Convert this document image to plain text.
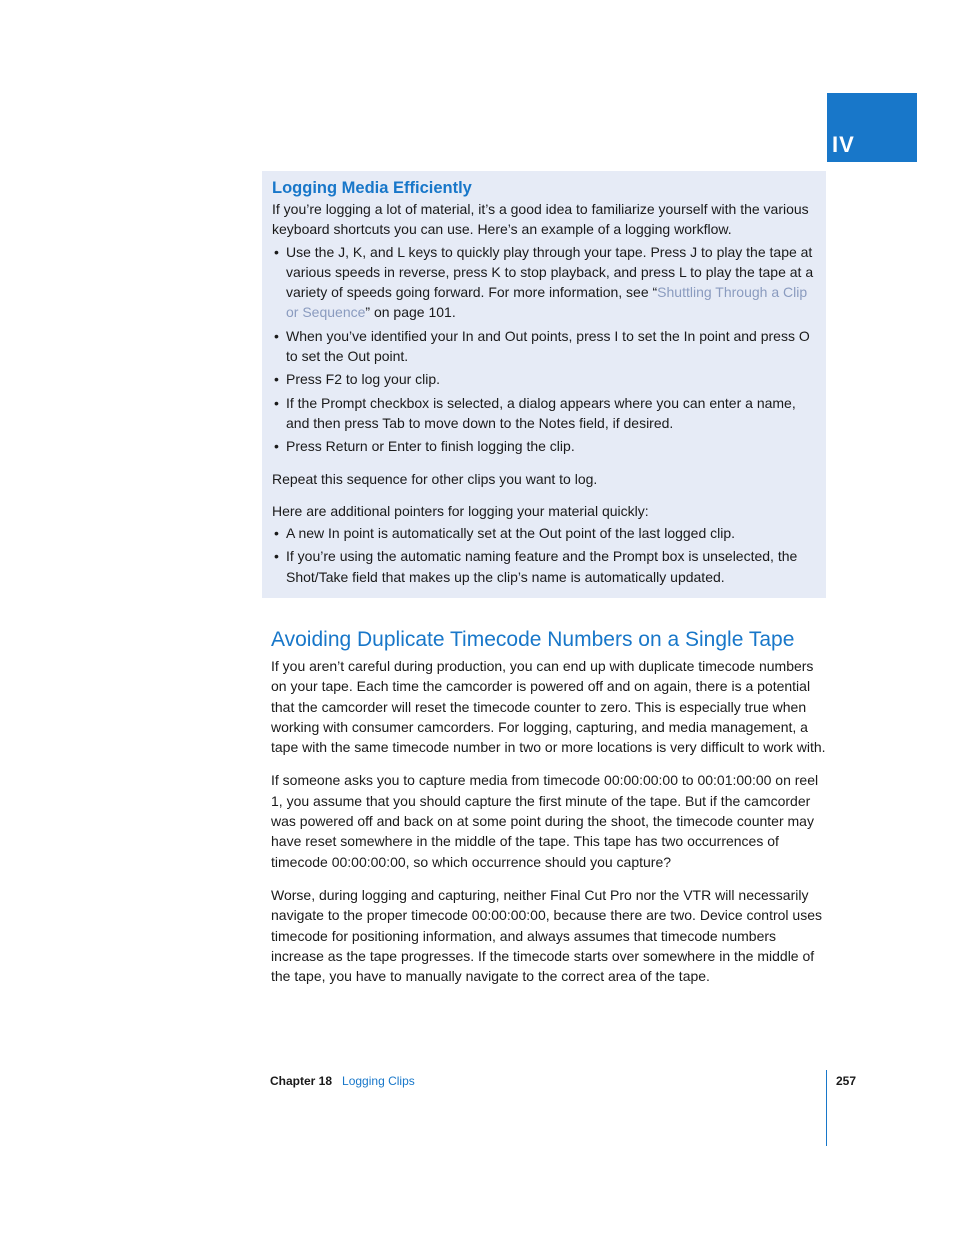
IV
Logging Media Efficiently

If you’re logging a lot of material, it’s a good idea to familiarize yourself with the various keyboard shortcuts you can use. Here’s an example of a logging workflow.

• Use the J, K, and L keys to quickly play through your tape. Press J to play the tape at various speeds in reverse, press K to stop playback, and press L to play the tape at a variety of speeds going forward. For more information, see “Shuttling Through a Clip or Sequence” on page 101.
• When you’ve identified your In and Out points, press I to set the In point and press O to set the Out point.
• Press F2 to log your clip.
• If the Prompt checkbox is selected, a dialog appears where you can enter a name, and then press Tab to move down to the Notes field, if desired.
• Press Return or Enter to finish logging the clip.

Repeat this sequence for other clips you want to log.

Here are additional pointers for logging your material quickly:

• A new In point is automatically set at the Out point of the last logged clip.
• If you’re using the automatic naming feature and the Prompt box is unselected, the Shot/Take field that makes up the clip’s name is automatically updated.
Avoiding Duplicate Timecode Numbers on a Single Tape

If you aren’t careful during production, you can end up with duplicate timecode numbers on your tape. Each time the camcorder is powered off and on again, there is a potential that the camcorder will reset the timecode counter to zero. This is especially true when working with consumer camcorders. For logging, capturing, and media management, a tape with the same timecode number in two or more locations is very difficult to work with.

If someone asks you to capture media from timecode 00:00:00:00 to 00:01:00:00 on reel 1, you assume that you should capture the first minute of the tape. But if the camcorder was powered off and back on at some point during the shoot, the timecode counter may have reset somewhere in the middle of the tape. This tape has two occurrences of timecode 00:00:00:00, so which occurrence should you capture?

Worse, during logging and capturing, neither Final Cut Pro nor the VTR will necessarily navigate to the proper timecode 00:00:00:00, because there are two. Device control uses timecode for positioning information, and always assumes that timecode numbers increase as the tape progresses. If the timecode starts over somewhere in the middle of the tape, you have to manually navigate to the correct area of the tape.

Chapter 18 Logging Clips	257
